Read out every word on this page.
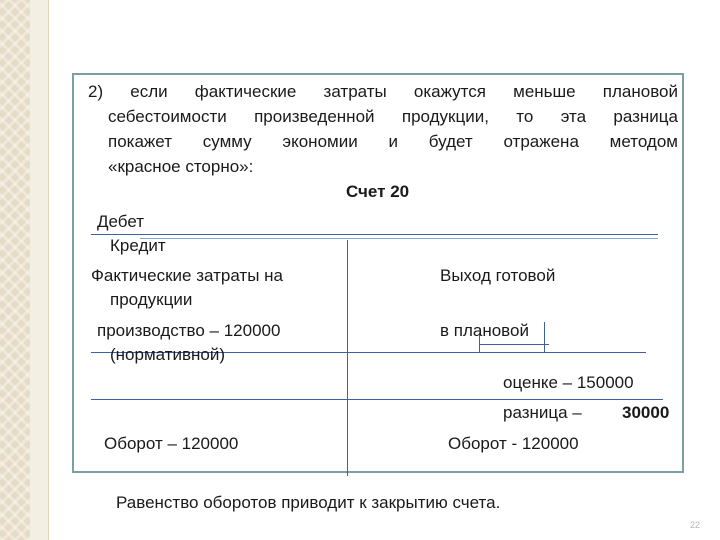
2) если фактические затраты окажутся меньше плановой
себестоимости произведенной продукции, то эта разница
покажет сумму экономии и будет отражена методом
«красное сторно»:
Счет 20
Дебет
Кредит
Фактические затраты на
продукции
производство – 120000
(нормативной)
Оборот – 120000
Выход готовой
в плановой
оценке – 150000
разница – 30000
Оборот - 120000
Равенство оборотов приводит к закрытию счета.
22
